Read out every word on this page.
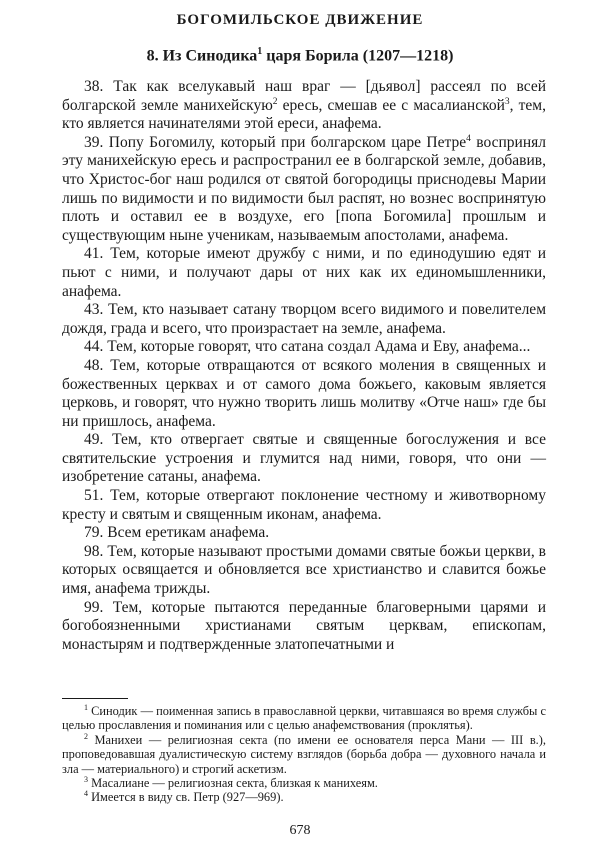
БОГОМИЛЬСКОЕ ДВИЖЕНИЕ
8. Из Синодика$^1$ царя Борила (1207—1218)

38. Так как вселукавый наш враг — [дьявол] рассеял по всей болгарской земле манихейскую$^2$ ересь, смешав ее с масалианской$^3$, тем, кто является начинателями этой ереси, анафема.

39. Попу Богомилу, который при болгарском царе Петре$^4$ воспринял эту манихейскую ересь и распространил ее в болгарской земле, добавив, что Христос-бог наш родился от святой богородицы приснодевы Марии лишь по видимости и по видимости был распят, но вознес воспринятую плоть и оставил ее в воздухе, его [попа Богомила] прошлым и существующим ныне ученикам, называемым апостолами, анафема.

41. Тем, которые имеют дружбу с ними, и по единодушию едят и пьют с ними, и получают дары от них как их единомышленники, анафема.

43. Тем, кто называет сатану творцом всего видимого и повелителем дождя, града и всего, что произрастает на земле, анафема.

44. Тем, которые говорят, что сатана создал Адама и Еву, анафема...

48. Тем, которые отвращаются от всякого моления в священных и божественных церквах и от самого дома божьего, каковым является церковь, и говорят, что нужно творить лишь молитву «Отче наш» где бы ни пришлось, анафема.

49. Тем, кто отвергает святые и священные богослужения и все святительские устроения и глумится над ними, говоря, что они — изобретение сатаны, анафема.

51. Тем, которые отвергают поклонение честному и животворному кресту и святым и священным иконам, анафема.

79. Всем еретикам анафема.

98. Тем, которые называют простыми домами святые божьи церкви, в которых освящается и обновляется все христианство и славится божье имя, анафема трижды.

99. Тем, которые пытаются переданные благоверными царями и богобоязненными христианами святым церквам, епископам, монастырям и подтвержденные златопечатными и

$^1$ Синодик — поименная запись в православной церкви, читавшаяся во время службы с целью прославления и поминания или с целью анафемствования (проклятья).

$^2$ Манихеи — религиозная секта (по имени ее основателя перса Мани — III в.), проповедовавшая дуалистическую систему взглядов (борьба добра — духовного начала и зла — материального) и строгий аскетизм.

$^3$ Масалиане — религиозная секта, близкая к манихеям.

$^4$ Имеется в виду св. Петр (927—969).

678
